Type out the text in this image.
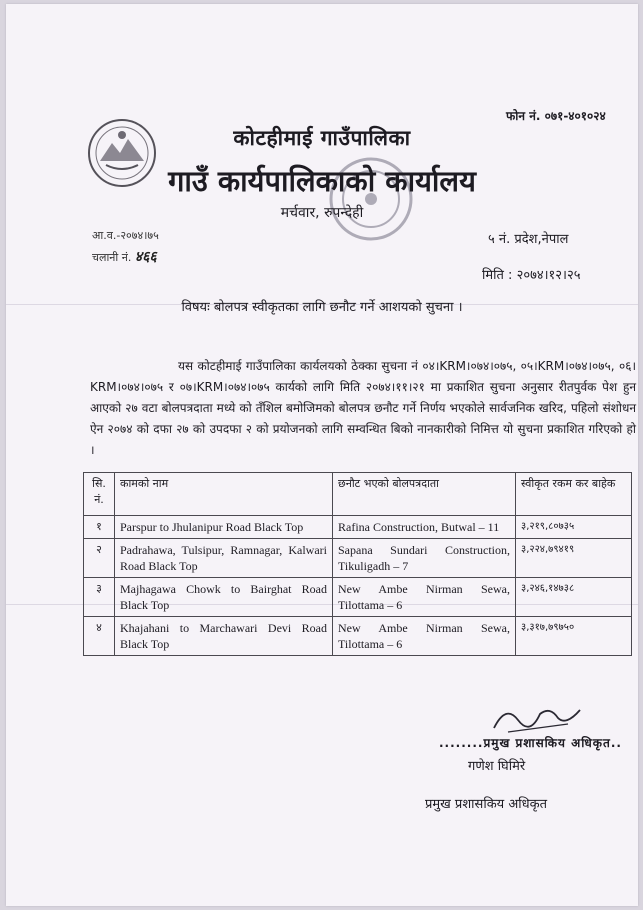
फोन नं. ०७१-४०१०२४
कोटहीमाई गाउँपालिका
गाउँ कार्यपालिकाको कार्यालय
मर्चवार, रुपन्देही
आ.व.-२०७४।७५
चलानी नं. ४६६
५ नं. प्रदेश,नेपाल
मिति : २०७४।१२।२५
विषयः बोलपत्र स्वीकृतका लागि छनौट गर्ने आशयको सुचना ।
यस कोटहीमाई गाउँपालिका कार्यलयको ठेक्का सुचना नं ०४।KRM।०७४।०७५, ०५।KRM।०७४।०७५, ०६।KRM।०७४।०७५ र ०७।KRM।०७४।०७५ कार्यको लागि मिति २०७४।११।२१ मा प्रकाशित सुचना अनुसार रीतपुर्वक पेश हुन आएको २७ वटा बोलपत्रदाता मध्ये को तँशिल बमोजिमको बोलपत्र छनौट गर्ने निर्णय भएकोले सार्वजनिक खरिद, पहिलो संशोधन ऐन २०७४ को दफा २७ को उपदफा २ को प्रयोजनको लागि सम्वन्धित बिको नानकारीको निमित्त यो सुचना प्रकाशित गरिएको हो ।
सि. नं.	कामको नाम	छनौट भएको बोलपत्रदाता	स्वीकृत रकम कर बाहेक
१	Parspur to Jhulanipur Road Black Top	Rafina Construction, Butwal – 11	३,२१९,८०७३५
२	Padrahawa, Tulsipur, Ramnagar, Kalwari Road Black Top	Sapana Sundari Construction, Tikuligadh – 7	३,२२४,७९४१९
३	Majhagawa Chowk to Bairghat Road Black Top	New Ambe Nirman Sewa, Tilottama – 6	३,२४६,१४७३८
४	Khajahani to Marchawari Devi Road Black Top	New Ambe Nirman Sewa, Tilottama – 6	३,३१७,७९७५०
........प्रमुख प्रशासकिय अधिकृत..
गणेश घिमिरे
प्रमुख प्रशासकिय अधिकृत
